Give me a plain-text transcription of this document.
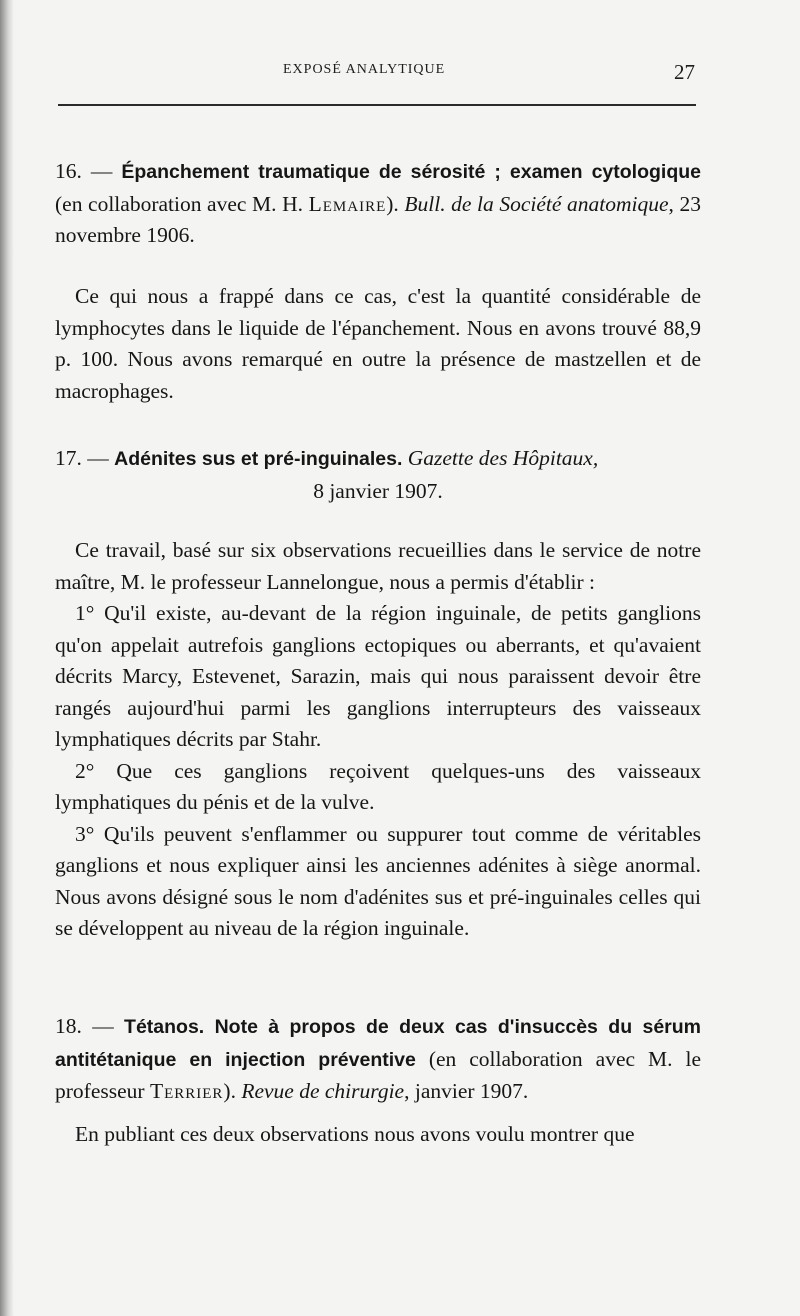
EXPOSÉ ANALYTIQUE	27

16. — Épanchement traumatique de sérosité ; examen cytologique (en collaboration avec M. H. Lemaire). Bull. de la Société anatomique, 23 novembre 1906.

Ce qui nous a frappé dans ce cas, c'est la quantité considérable de lymphocytes dans le liquide de l'épanchement. Nous en avons trouvé 88,9 p. 100. Nous avons remarqué en outre la présence de mastzellen et de macrophages.

17. — Adénites sus et pré-inguinales. Gazette des Hôpitaux,
8 janvier 1907.

Ce travail, basé sur six observations recueillies dans le service de notre maître, M. le professeur Lannelongue, nous a permis d'établir :

1° Qu'il existe, au-devant de la région inguinale, de petits ganglions qu'on appelait autrefois ganglions ectopiques ou aberrants, et qu'avaient décrits Marcy, Estevenet, Sarazin, mais qui nous paraissent devoir être rangés aujourd'hui parmi les ganglions interrupteurs des vaisseaux lymphatiques décrits par Stahr.

2° Que ces ganglions reçoivent quelques-uns des vaisseaux lymphatiques du pénis et de la vulve.

3° Qu'ils peuvent s'enflammer ou suppurer tout comme de véritables ganglions et nous expliquer ainsi les anciennes adénites à siège anormal. Nous avons désigné sous le nom d'adénites sus et pré-inguinales celles qui se développent au niveau de la région inguinale.

18. — Tétanos. Note à propos de deux cas d'insuccès du sérum antitétanique en injection préventive (en collaboration avec M. le professeur Terrier). Revue de chirurgie, janvier 1907.

En publiant ces deux observations nous avons voulu montrer que
